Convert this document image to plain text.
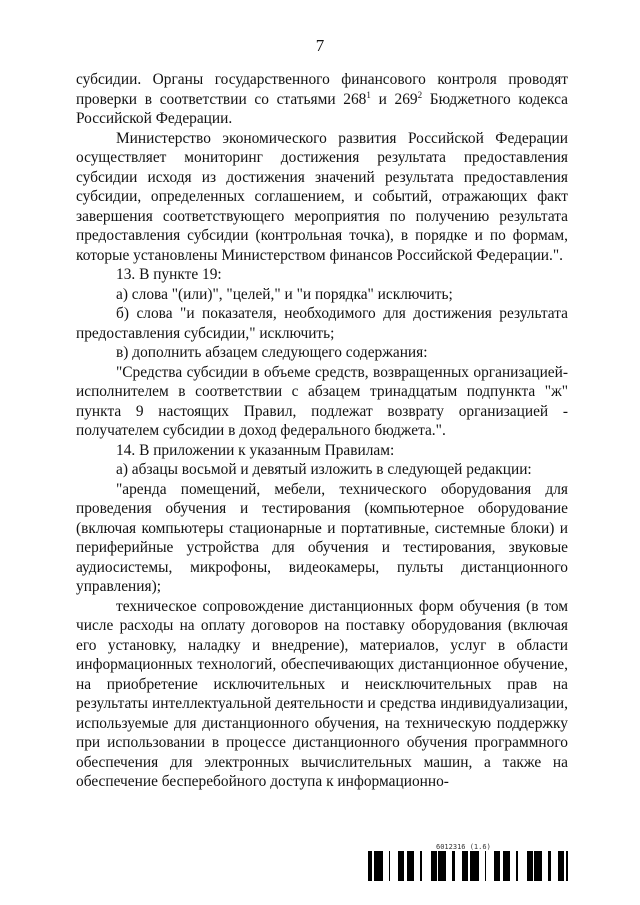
7

субсидии. Органы государственного финансового контроля проводят проверки в соответствии со статьями $268^1$ и $269^2$ Бюджетного кодекса Российской Федерации.

Министерство экономического развития Российской Федерации осуществляет мониторинг достижения результата предоставления субсидии исходя из достижения значений результата предоставления субсидии, определенных соглашением, и событий, отражающих факт завершения соответствующего мероприятия по получению результата предоставления субсидии (контрольная точка), в порядке и по формам, которые установлены Министерством финансов Российской Федерации.".

13. В пункте 19:

а) слова "(или)", "целей," и "и порядка" исключить;

б) слова "и показателя, необходимого для достижения результата предоставления субсидии," исключить;

в) дополнить абзацем следующего содержания:

"Средства субсидии в объеме средств, возвращенных организацией-исполнителем в соответствии с абзацем тринадцатым подпункта "ж" пункта 9 настоящих Правил, подлежат возврату организацией - получателем субсидии в доход федерального бюджета.".

14. В приложении к указанным Правилам:

а) абзацы восьмой и девятый изложить в следующей редакции:

"аренда помещений, мебели, технического оборудования для проведения обучения и тестирования (компьютерное оборудование (включая компьютеры стационарные и портативные, системные блоки) и периферийные устройства для обучения и тестирования, звуковые аудиосистемы, микрофоны, видеокамеры, пульты дистанционного управления);

техническое сопровождение дистанционных форм обучения (в том числе расходы на оплату договоров на поставку оборудования (включая его установку, наладку и внедрение), материалов, услуг в области информационных технологий, обеспечивающих дистанционное обучение, на приобретение исключительных и неисключительных прав на результаты интеллектуальной деятельности и средства индивидуализации, используемые для дистанционного обучения, на техническую поддержку при использовании в процессе дистанционного обучения программного обеспечения для электронных вычислительных машин, а также на обеспечение бесперебойного доступа к информационно-

6012316 (1.6)
